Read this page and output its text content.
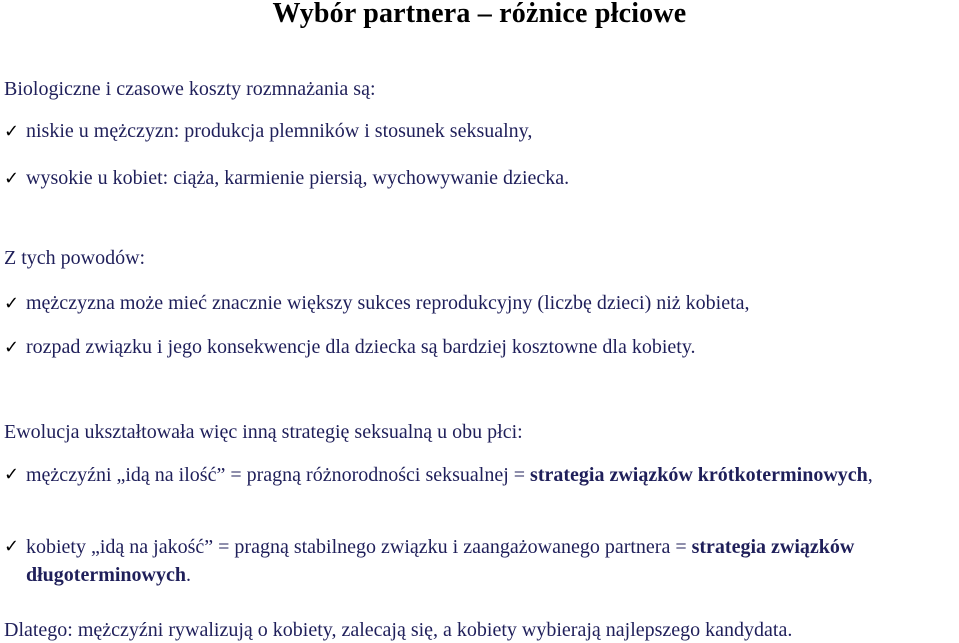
Wybór partnera – różnice płciowe
Biologiczne i czasowe koszty rozmnażania są:
✓ niskie u mężczyzn: produkcja plemników i stosunek seksualny,
✓ wysokie u kobiet: ciąża, karmienie piersią, wychowywanie dziecka.
Z tych powodów:
✓ mężczyzna może mieć znacznie większy sukces reprodukcyjny (liczbę dzieci) niż kobieta,
✓ rozpad związku i jego konsekwencje dla dziecka są bardziej kosztowne dla kobiety.
Ewolucja ukształtowała więc inną strategię seksualną u obu płci:
✓ mężczyźni „idą na ilość” = pragną różnorodności seksualnej = strategia związków krótkoterminowych,
✓ kobiety „idą na jakość” = pragną stabilnego związku i zaangażowanego partnera = strategia związków długoterminowych.
Dlatego: mężczyźni rywalizują o kobiety, zalecają się, a kobiety wybierają najlepszego kandydata.
